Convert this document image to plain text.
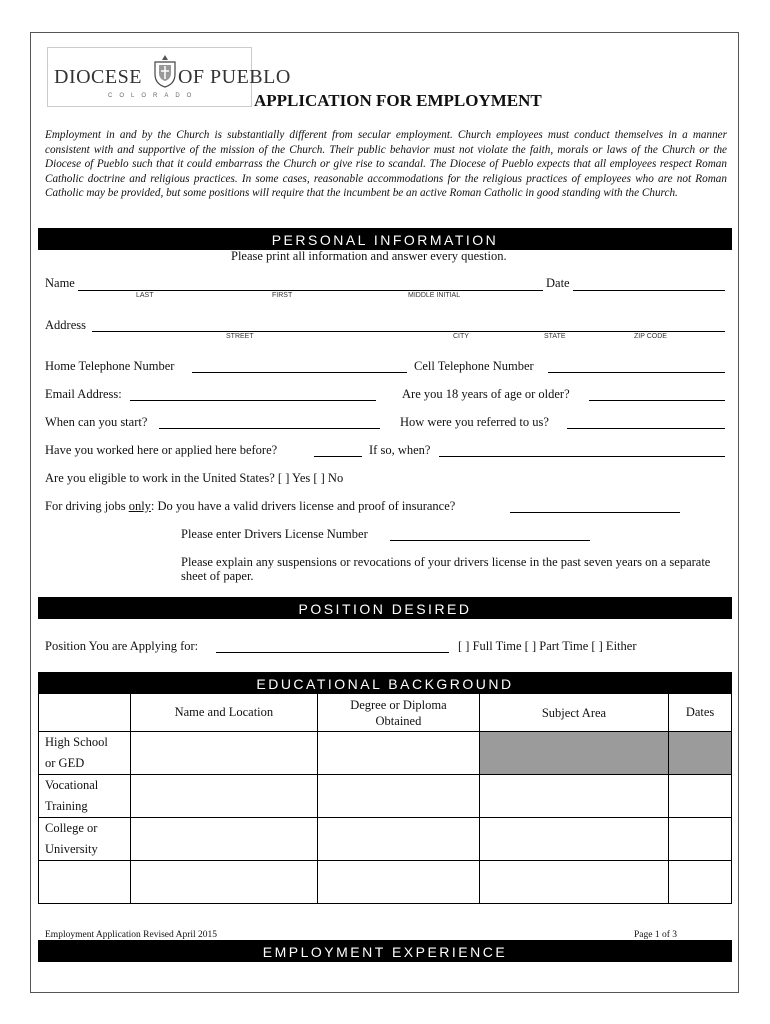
DIOCESE OF PUEBLO
COLORADO	APPLICATION FOR EMPLOYMENT
Employment in and by the Church is substantially different from secular employment. Church employees must conduct themselves in a manner consistent with and supportive of the mission of the Church. Their public behavior must not violate the faith, morals or laws of the Church or the Diocese of Pueblo such that it could embarrass the Church or give rise to scandal. The Diocese of Pueblo expects that all employees respect Roman Catholic doctrine and religious practices. In some cases, reasonable accommodations for the religious practices of employees who are not Roman Catholic may be provided, but some positions will require that the incumbent be an active Roman Catholic in good standing with the Church.
PERSONAL INFORMATION
Please print all information and answer every question.
Name	Date
LAST	FIRST	MIDDLE INITIAL
Address
STREET	CITY	STATE	ZIP CODE
Home Telephone Number	Cell Telephone Number
Email Address:	Are you 18 years of age or older?
When can you start?	How were you referred to us?
Have you worked here or applied here before?	If so, when?
Are you eligible to work in the United States? [ ] Yes [ ] No
For driving jobs only: Do you have a valid drivers license and proof of insurance?
Please enter Drivers License Number
Please explain any suspensions or revocations of your drivers license in the past seven years on a separate sheet of paper.
POSITION DESIRED
Position You are Applying for:	[ ] Full Time [ ] Part Time [ ] Either
EDUCATIONAL BACKGROUND
	Name and Location	Degree or Diploma Obtained	Subject Area	Dates

High School or GED				

Vocational Training				

College or University				

Employment Application Revised April 2015	Page 1 of 3
EMPLOYMENT EXPERIENCE
